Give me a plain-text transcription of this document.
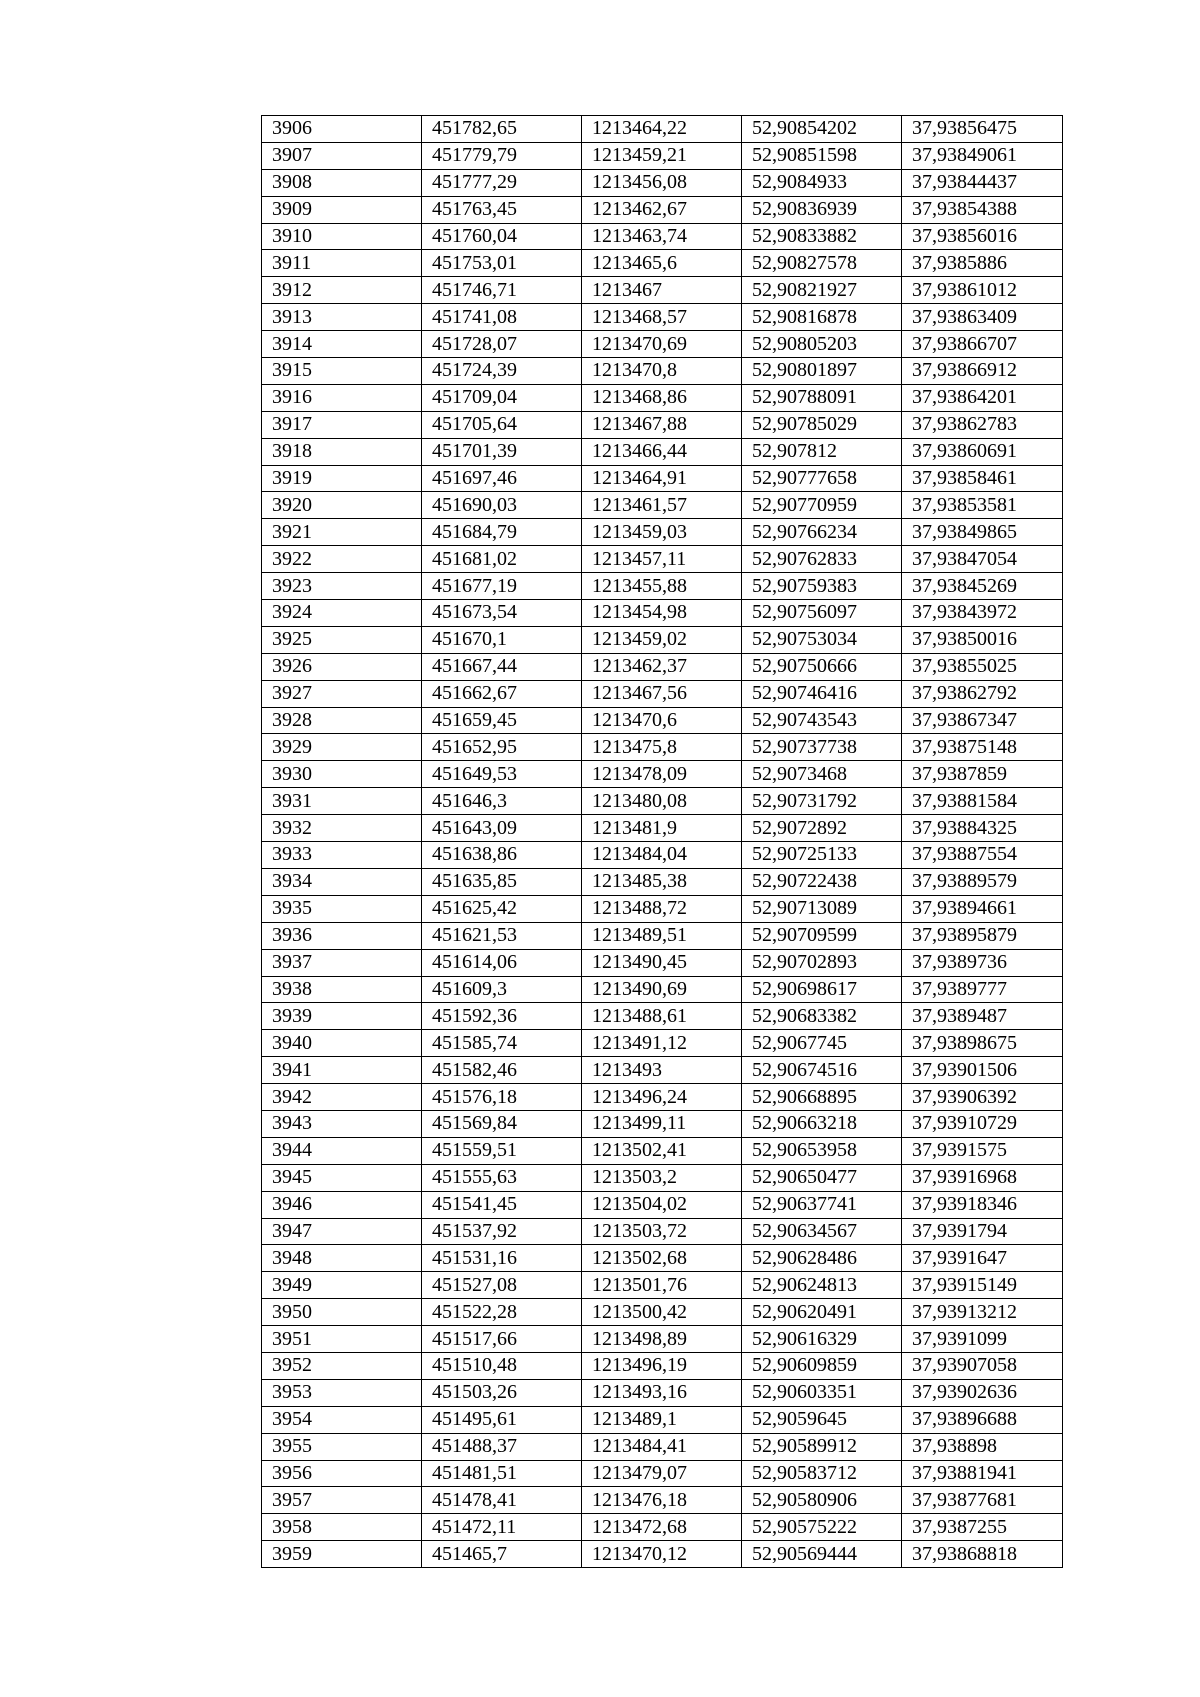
3906	451782,65	1213464,22	52,90854202	37,93856475
3907	451779,79	1213459,21	52,90851598	37,93849061
3908	451777,29	1213456,08	52,9084933	37,93844437
3909	451763,45	1213462,67	52,90836939	37,93854388
3910	451760,04	1213463,74	52,90833882	37,93856016
3911	451753,01	1213465,6	52,90827578	37,9385886
3912	451746,71	1213467	52,90821927	37,93861012
3913	451741,08	1213468,57	52,90816878	37,93863409
3914	451728,07	1213470,69	52,90805203	37,93866707
3915	451724,39	1213470,8	52,90801897	37,93866912
3916	451709,04	1213468,86	52,90788091	37,93864201
3917	451705,64	1213467,88	52,90785029	37,93862783
3918	451701,39	1213466,44	52,907812	37,93860691
3919	451697,46	1213464,91	52,90777658	37,93858461
3920	451690,03	1213461,57	52,90770959	37,93853581
3921	451684,79	1213459,03	52,90766234	37,93849865
3922	451681,02	1213457,11	52,90762833	37,93847054
3923	451677,19	1213455,88	52,90759383	37,93845269
3924	451673,54	1213454,98	52,90756097	37,93843972
3925	451670,1	1213459,02	52,90753034	37,93850016
3926	451667,44	1213462,37	52,90750666	37,93855025
3927	451662,67	1213467,56	52,90746416	37,93862792
3928	451659,45	1213470,6	52,90743543	37,93867347
3929	451652,95	1213475,8	52,90737738	37,93875148
3930	451649,53	1213478,09	52,9073468	37,9387859
3931	451646,3	1213480,08	52,90731792	37,93881584
3932	451643,09	1213481,9	52,9072892	37,93884325
3933	451638,86	1213484,04	52,90725133	37,93887554
3934	451635,85	1213485,38	52,90722438	37,93889579
3935	451625,42	1213488,72	52,90713089	37,93894661
3936	451621,53	1213489,51	52,90709599	37,93895879
3937	451614,06	1213490,45	52,90702893	37,9389736
3938	451609,3	1213490,69	52,90698617	37,9389777
3939	451592,36	1213488,61	52,90683382	37,9389487
3940	451585,74	1213491,12	52,9067745	37,93898675
3941	451582,46	1213493	52,90674516	37,93901506
3942	451576,18	1213496,24	52,90668895	37,93906392
3943	451569,84	1213499,11	52,90663218	37,93910729
3944	451559,51	1213502,41	52,90653958	37,9391575
3945	451555,63	1213503,2	52,90650477	37,93916968
3946	451541,45	1213504,02	52,90637741	37,93918346
3947	451537,92	1213503,72	52,90634567	37,9391794
3948	451531,16	1213502,68	52,90628486	37,9391647
3949	451527,08	1213501,76	52,90624813	37,93915149
3950	451522,28	1213500,42	52,90620491	37,93913212
3951	451517,66	1213498,89	52,90616329	37,9391099
3952	451510,48	1213496,19	52,90609859	37,93907058
3953	451503,26	1213493,16	52,90603351	37,93902636
3954	451495,61	1213489,1	52,9059645	37,93896688
3955	451488,37	1213484,41	52,90589912	37,938898
3956	451481,51	1213479,07	52,90583712	37,93881941
3957	451478,41	1213476,18	52,90580906	37,93877681
3958	451472,11	1213472,68	52,90575222	37,9387255
3959	451465,7	1213470,12	52,90569444	37,93868818
